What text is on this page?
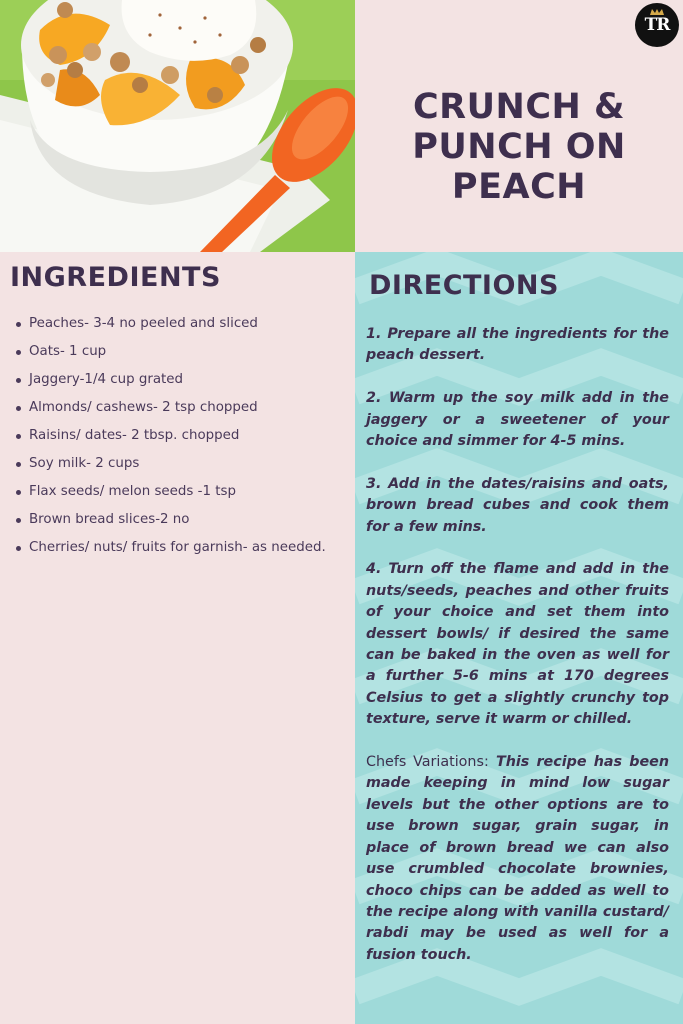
TR
CRUNCH & PUNCH ON PEACH
INGREDIENTS
Peaches- 3-4 no peeled and sliced
Oats- 1 cup
Jaggery-1/4 cup grated
Almonds/ cashews- 2 tsp chopped
Raisins/ dates- 2 tbsp. chopped
Soy milk- 2 cups
Flax seeds/ melon seeds -1 tsp
Brown bread slices-2 no
Cherries/ nuts/ fruits for garnish- as needed.
DIRECTIONS

1. Prepare all the ingredients for the peach dessert.

2. Warm up the soy milk add in the jaggery or a sweetener of your choice and simmer for 4-5 mins.

3. Add in the dates/raisins and oats, brown bread cubes and cook them for a few mins.

4. Turn off the flame and add in the nuts/seeds, peaches and other fruits of your choice and set them into dessert bowls/ if desired the same can be baked in the oven as well for a further 5-6 mins at 170 degrees Celsius to get a slightly crunchy top texture, serve it warm or chilled.

Chefs Variations: This recipe has been made keeping in mind low sugar levels but the other options are to use brown sugar, grain sugar, in place of brown bread we can also use crumbled chocolate brownies, choco chips can be added as well to the recipe along with vanilla custard/ rabdi may be used as well for a fusion touch.
